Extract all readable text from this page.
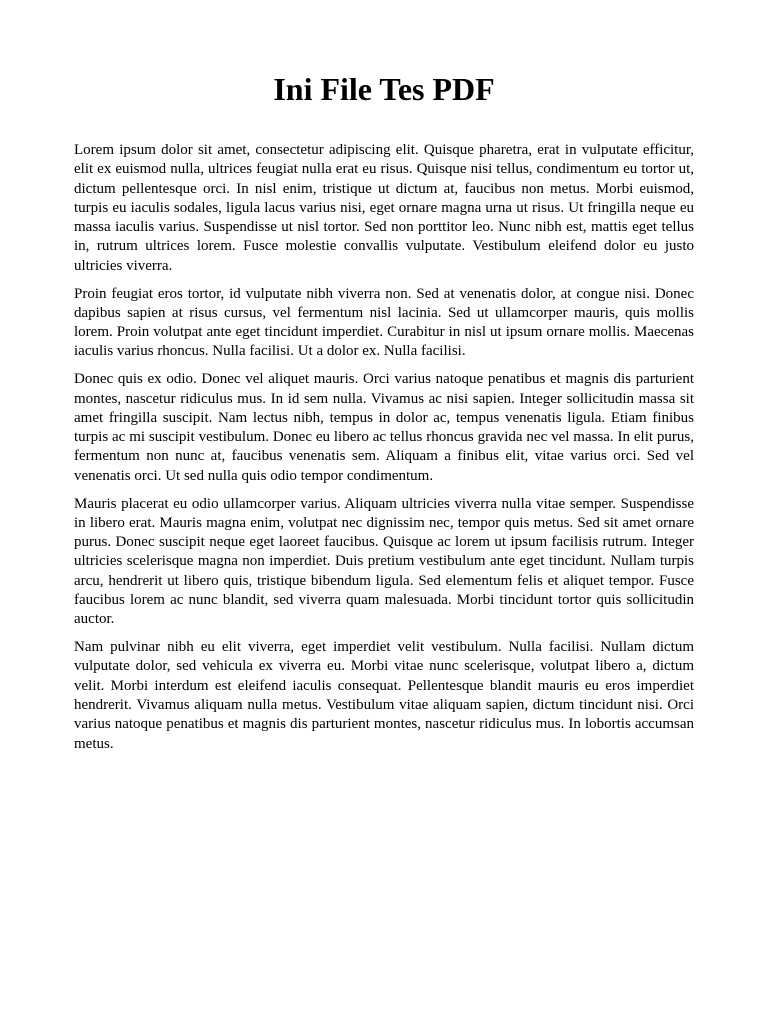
Ini File Tes PDF

Lorem ipsum dolor sit amet, consectetur adipiscing elit. Quisque pharetra, erat in vulputate efficitur, elit ex euismod nulla, ultrices feugiat nulla erat eu risus. Quisque nisi tellus, condimentum eu tortor ut, dictum pellentesque orci. In nisl enim, tristique ut dictum at, faucibus non metus. Morbi euismod, turpis eu iaculis sodales, ligula lacus varius nisi, eget ornare magna urna ut risus. Ut fringilla neque eu massa iaculis varius. Suspendisse ut nisl tortor. Sed non porttitor leo. Nunc nibh est, mattis eget tellus in, rutrum ultrices lorem. Fusce molestie convallis vulputate. Vestibulum eleifend dolor eu justo ultricies viverra.

Proin feugiat eros tortor, id vulputate nibh viverra non. Sed at venenatis dolor, at congue nisi. Donec dapibus sapien at risus cursus, vel fermentum nisl lacinia. Sed ut ullamcorper mauris, quis mollis lorem. Proin volutpat ante eget tincidunt imperdiet. Curabitur in nisl ut ipsum ornare mollis. Maecenas iaculis varius rhoncus. Nulla facilisi. Ut a dolor ex. Nulla facilisi.

Donec quis ex odio. Donec vel aliquet mauris. Orci varius natoque penatibus et magnis dis parturient montes, nascetur ridiculus mus. In id sem nulla. Vivamus ac nisi sapien. Integer sollicitudin massa sit amet fringilla suscipit. Nam lectus nibh, tempus in dolor ac, tempus venenatis ligula. Etiam finibus turpis ac mi suscipit vestibulum. Donec eu libero ac tellus rhoncus gravida nec vel massa. In elit purus, fermentum non nunc at, faucibus venenatis sem. Aliquam a finibus elit, vitae varius orci. Sed vel venenatis orci. Ut sed nulla quis odio tempor condimentum.

Mauris placerat eu odio ullamcorper varius. Aliquam ultricies viverra nulla vitae semper. Suspendisse in libero erat. Mauris magna enim, volutpat nec dignissim nec, tempor quis metus. Sed sit amet ornare purus. Donec suscipit neque eget laoreet faucibus. Quisque ac lorem ut ipsum facilisis rutrum. Integer ultricies scelerisque magna non imperdiet. Duis pretium vestibulum ante eget tincidunt. Nullam turpis arcu, hendrerit ut libero quis, tristique bibendum ligula. Sed elementum felis et aliquet tempor. Fusce faucibus lorem ac nunc blandit, sed viverra quam malesuada. Morbi tincidunt tortor quis sollicitudin auctor.

Nam pulvinar nibh eu elit viverra, eget imperdiet velit vestibulum. Nulla facilisi. Nullam dictum vulputate dolor, sed vehicula ex viverra eu. Morbi vitae nunc scelerisque, volutpat libero a, dictum velit. Morbi interdum est eleifend iaculis consequat. Pellentesque blandit mauris eu eros imperdiet hendrerit. Vivamus aliquam nulla metus. Vestibulum vitae aliquam sapien, dictum tincidunt nisi. Orci varius natoque penatibus et magnis dis parturient montes, nascetur ridiculus mus. In lobortis accumsan metus.
